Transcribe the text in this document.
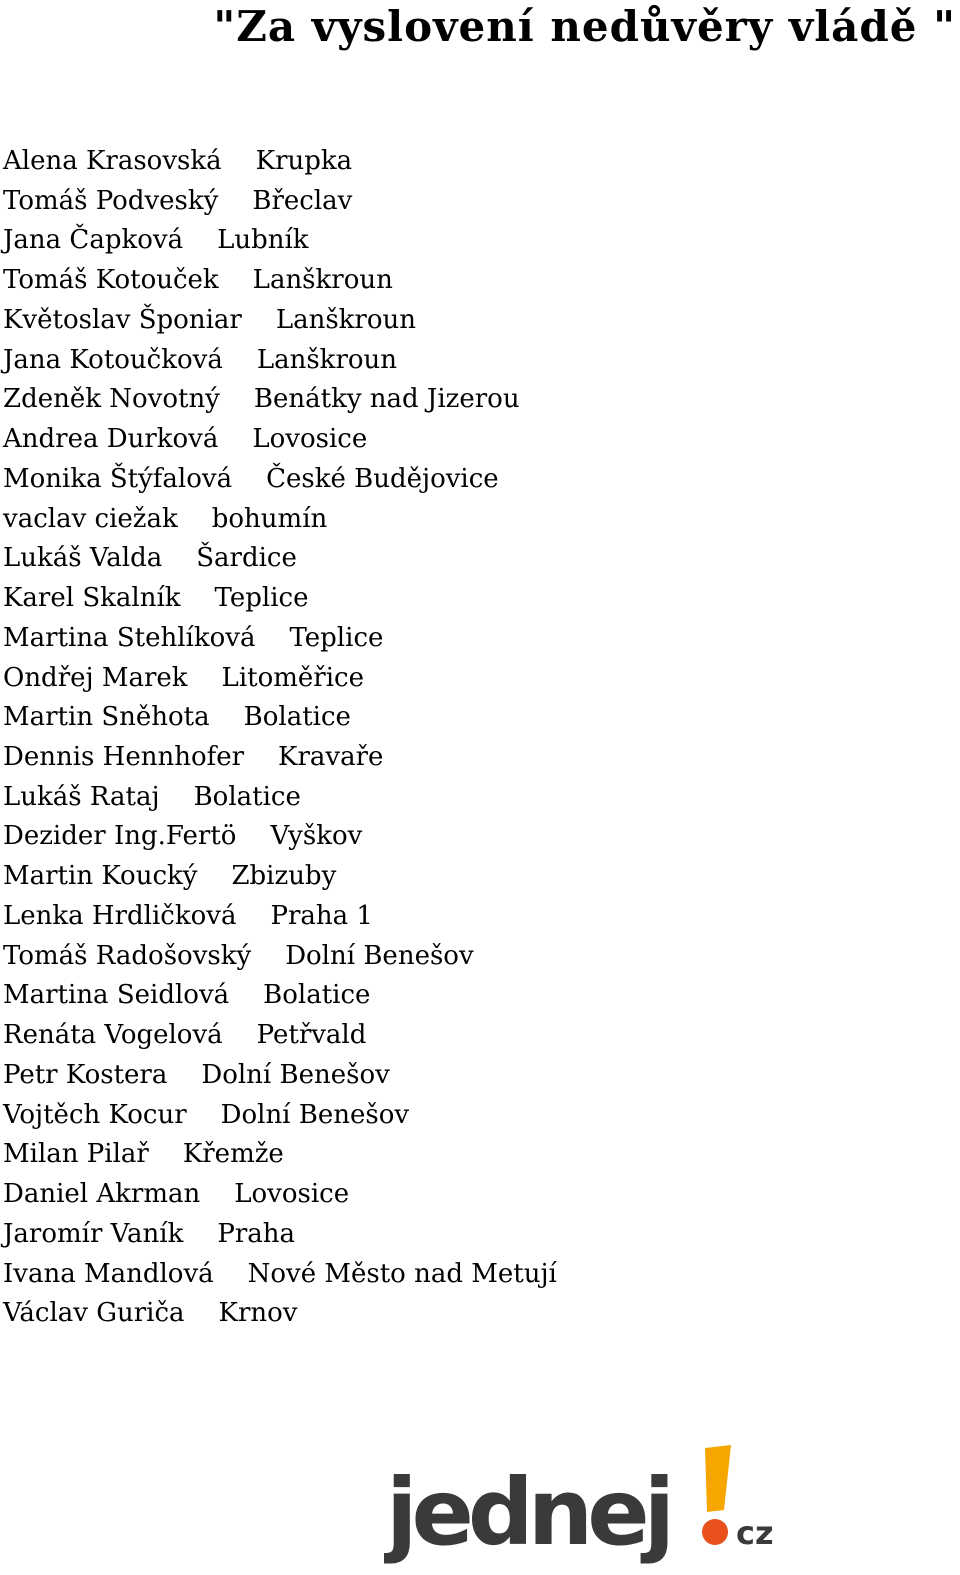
"Za vyslovení nedůvěry vládě "
Alena Krasovská Krupka
Tomáš Podveský Břeclav
Jana Čapková Lubník
Tomáš Kotouček Lanškroun
Květoslav Šponiar Lanškroun
Jana Kotoučková Lanškroun
Zdeněk Novotný Benátky nad Jizerou
Andrea Durková Lovosice
Monika Štýfalová České Budějovice
vaclav ciežak bohumín
Lukáš Valda Šardice
Karel Skalník Teplice
Martina Stehlíková Teplice
Ondřej Marek Litoměřice
Martin Sněhota Bolatice
Dennis Hennhofer Kravaře
Lukáš Rataj Bolatice
Dezider Ing.Fertö Vyškov
Martin Koucký Zbizuby
Lenka Hrdličková Praha 1
Tomáš Radošovský Dolní Benešov
Martina Seidlová Bolatice
Renáta Vogelová Petřvald
Petr Kostera Dolní Benešov
Vojtěch Kocur Dolní Benešov
Milan Pilař Křemže
Daniel Akrman Lovosice
Jaromír Vaník Praha
Ivana Mandlová Nové Město nad Metují
Václav Guriča Krnov
jednej cz
